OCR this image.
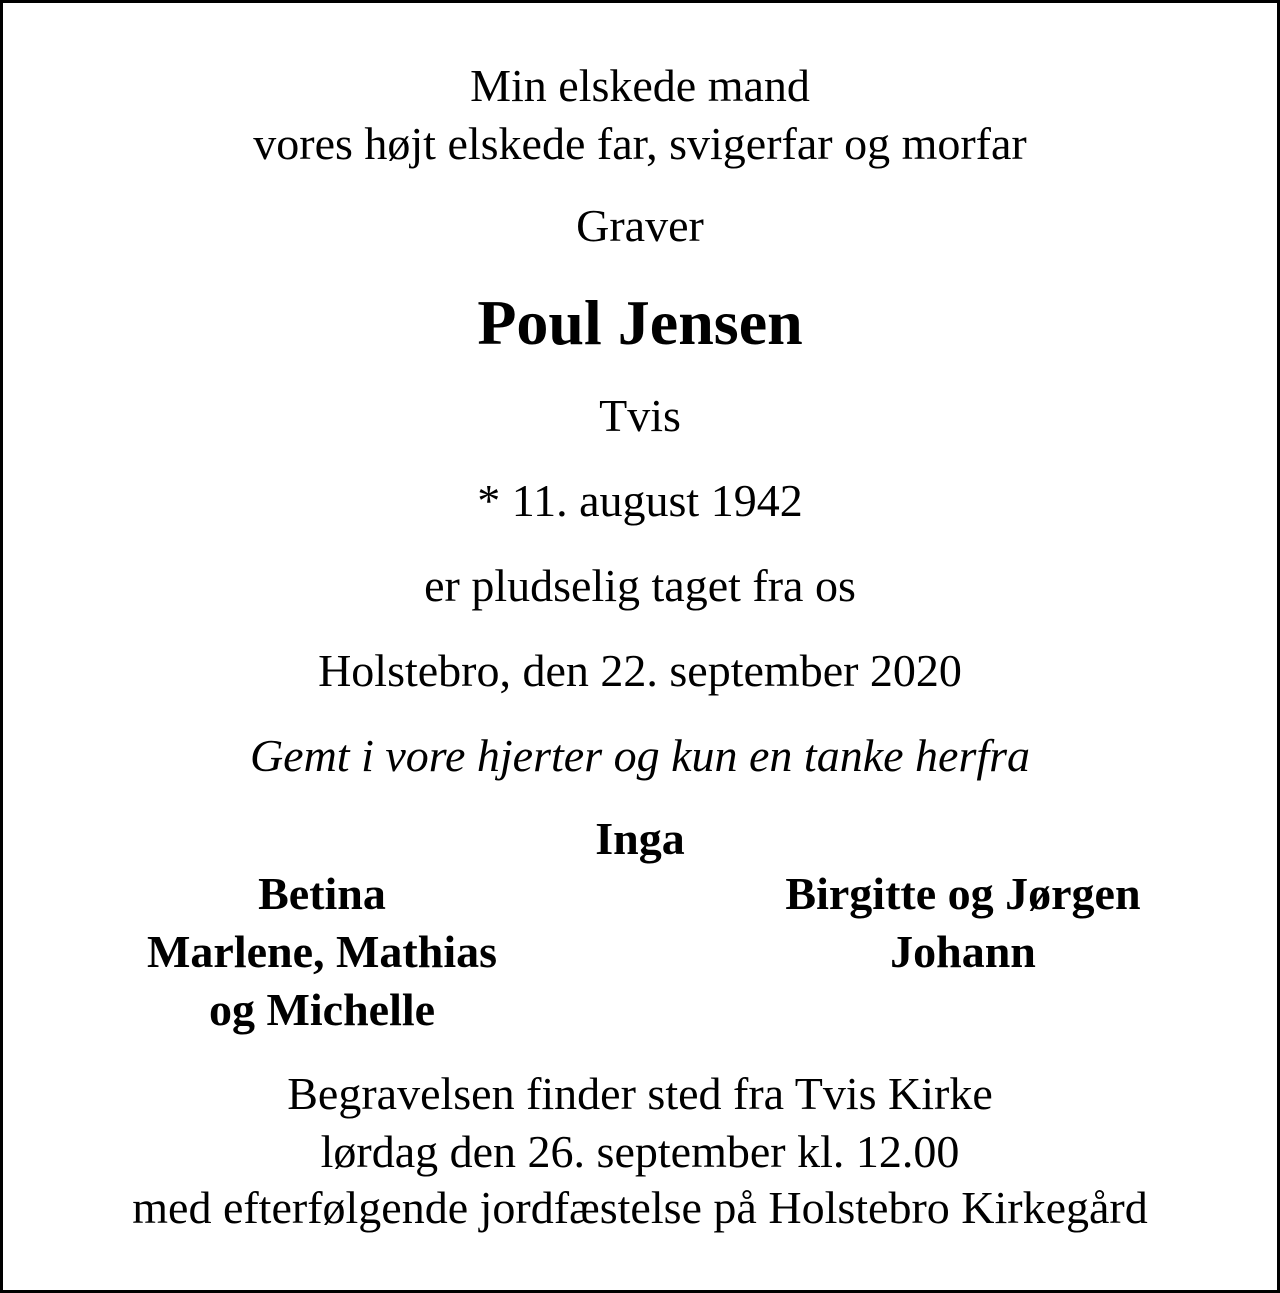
Min elskede mand
vores højt elskede far, svigerfar og morfar
Graver
Poul Jensen
Tvis
* 11. august 1942
er pludselig taget fra os
Holstebro, den 22. september 2020
Gemt i vore hjerter og kun en tanke herfra
Inga
Betina
Marlene, Mathias
og Michelle
Birgitte og Jørgen
Johann
Begravelsen finder sted fra Tvis Kirke
lørdag den 26. september kl. 12.00
med efterfølgende jordfæstelse på Holstebro Kirkegård
